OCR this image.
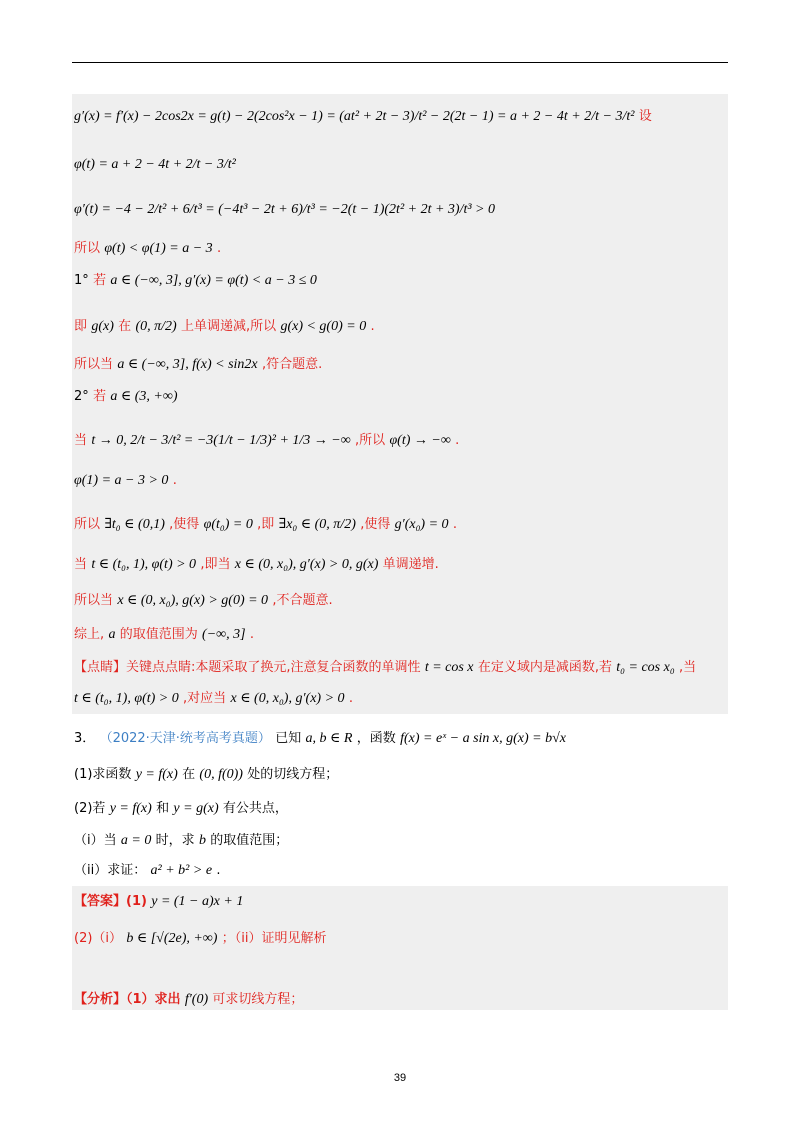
g′(x) = f′(x) − 2cos2x = g(t) − 2(2cos²x − 1) = (at² + 2t − 3)/t² − 2(2t − 1) = a + 2 − 4t + 2/t − 3/t² 设
φ(t) = a + 2 − 4t + 2/t − 3/t²
φ′(t) = −4 − 2/t² + 6/t³ = (−4t³ − 2t + 6)/t³ = −2(t − 1)(2t² + 2t + 3)/t³ > 0
所以 φ(t) < φ(1) = a − 3 .
1° 若 a ∈ (−∞, 3], g′(x) = φ(t) < a − 3 ≤ 0
即 g(x) 在 (0, π/2) 上单调递减,所以 g(x) < g(0) = 0 .
所以当 a ∈ (−∞, 3], f(x) < sin2x ,符合题意.
2° 若 a ∈ (3, +∞)
当 t → 0, 2/t − 3/t² = −3(1/t − 1/3)² + 1/3 → −∞ ,所以 φ(t) → −∞ .
φ(1) = a − 3 > 0 .
所以 ∃t₀ ∈ (0,1) ,使得 φ(t₀) = 0 ,即 ∃x₀ ∈ (0, π/2) ,使得 g′(x₀) = 0 .
当 t ∈ (t₀, 1), φ(t) > 0 ,即当 x ∈ (0, x₀), g′(x) > 0, g(x) 单调递增.
所以当 x ∈ (0, x₀), g(x) > g(0) = 0 ,不合题意.
综上, a 的取值范围为 (−∞, 3] .
【点睛】关键点点睛:本题采取了换元,注意复合函数的单调性 t = cos x 在定义域内是减函数,若 t₀ = cos x₀ ,当
t ∈ (t₀, 1), φ(t) > 0 ,对应当 x ∈ (0, x₀), g′(x) > 0 .
3． （2022·天津·统考高考真题） 已知 a, b ∈ R ，函数 f(x) = eˣ − a sin x, g(x) = b√x
(1)求函数 y = f(x) 在 (0, f(0)) 处的切线方程；
(2)若 y = f(x) 和 y = g(x) 有公共点，
（i）当 a = 0 时，求 b 的取值范围；
（ii）求证： a² + b² > e .
【答案】(1) y = (1 − a)x + 1
(2)（i） b ∈ [√(2e), +∞) ；（ii）证明见解析
【分析】（1）求出 f′(0) 可求切线方程；
39
